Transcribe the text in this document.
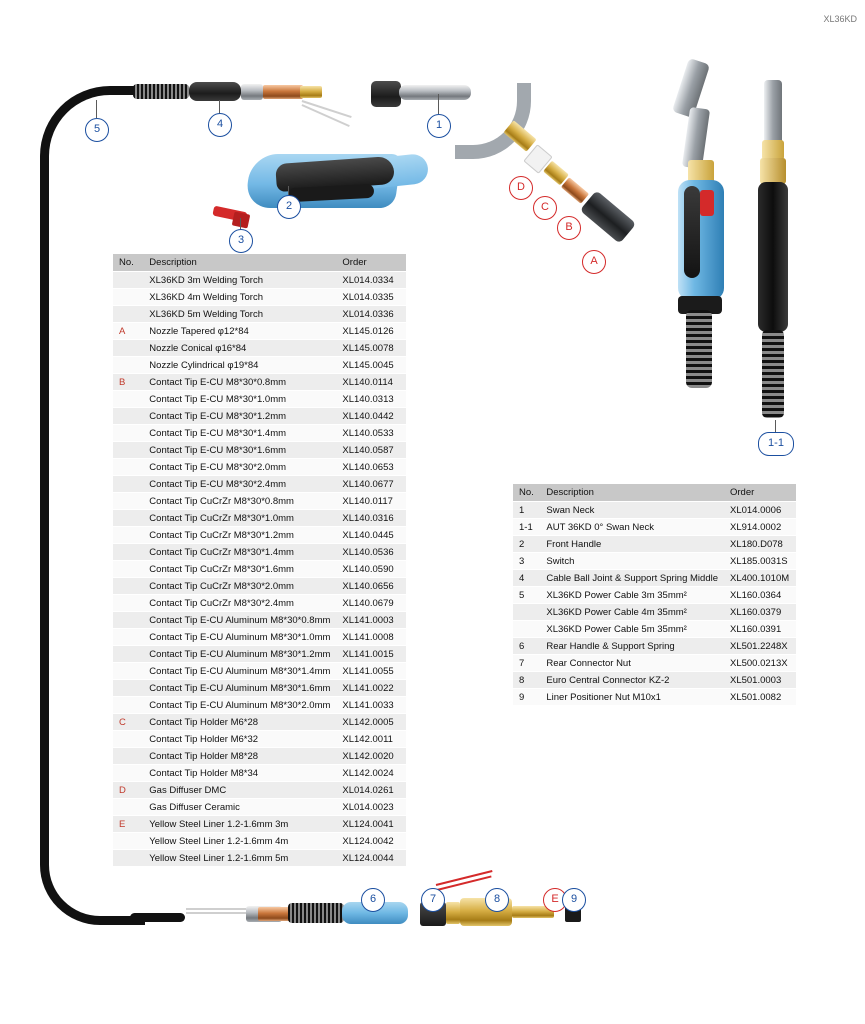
XL36KD
5	4	1
2
3
D
C
B
A
1-1
6	7	8	E	9
No.	Description	Order
	XL36KD 3m Welding Torch	XL014.0334
	XL36KD 4m Welding Torch	XL014.0335
	XL36KD 5m Welding Torch	XL014.0336
A	Nozzle Tapered φ12*84	XL145.0126
	Nozzle Conical φ16*84	XL145.0078
	Nozzle Cylindrical φ19*84	XL145.0045
B	Contact Tip E-CU M8*30*0.8mm	XL140.0114
	Contact Tip E-CU M8*30*1.0mm	XL140.0313
	Contact Tip E-CU M8*30*1.2mm	XL140.0442
	Contact Tip E-CU M8*30*1.4mm	XL140.0533
	Contact Tip E-CU M8*30*1.6mm	XL140.0587
	Contact Tip E-CU M8*30*2.0mm	XL140.0653
	Contact Tip E-CU M8*30*2.4mm	XL140.0677
	Contact Tip CuCrZr M8*30*0.8mm	XL140.0117
	Contact Tip CuCrZr M8*30*1.0mm	XL140.0316
	Contact Tip CuCrZr M8*30*1.2mm	XL140.0445
	Contact Tip CuCrZr M8*30*1.4mm	XL140.0536
	Contact Tip CuCrZr M8*30*1.6mm	XL140.0590
	Contact Tip CuCrZr M8*30*2.0mm	XL140.0656
	Contact Tip CuCrZr M8*30*2.4mm	XL140.0679
	Contact Tip E-CU Aluminum M8*30*0.8mm	XL141.0003
	Contact Tip E-CU Aluminum M8*30*1.0mm	XL141.0008
	Contact Tip E-CU Aluminum M8*30*1.2mm	XL141.0015
	Contact Tip E-CU Aluminum M8*30*1.4mm	XL141.0055
	Contact Tip E-CU Aluminum M8*30*1.6mm	XL141.0022
	Contact Tip E-CU Aluminum M8*30*2.0mm	XL141.0033
C	Contact Tip Holder M6*28	XL142.0005
	Contact Tip Holder M6*32	XL142.0011
	Contact Tip Holder M8*28	XL142.0020
	Contact Tip Holder M8*34	XL142.0024
D	Gas Diffuser DMC	XL014.0261
	Gas Diffuser Ceramic	XL014.0023
E	Yellow Steel Liner 1.2-1.6mm 3m	XL124.0041
	Yellow Steel Liner 1.2-1.6mm 4m	XL124.0042
	Yellow Steel Liner 1.2-1.6mm 5m	XL124.0044
No.	Description	Order
1	Swan Neck	XL014.0006
1-1	AUT 36KD 0° Swan Neck	XL914.0002
2	Front Handle	XL180.D078
3	Switch	XL185.0031S
4	Cable Ball Joint & Support Spring Middle	XL400.1010M
5	XL36KD Power Cable 3m 35mm²	XL160.0364
	XL36KD Power Cable 4m 35mm²	XL160.0379
	XL36KD Power Cable 5m 35mm²	XL160.0391
6	Rear Handle & Support Spring	XL501.2248X
7	Rear Connector Nut	XL500.0213X
8	Euro Central Connector KZ-2	XL501.0003
9	Liner Positioner Nut M10x1	XL501.0082
